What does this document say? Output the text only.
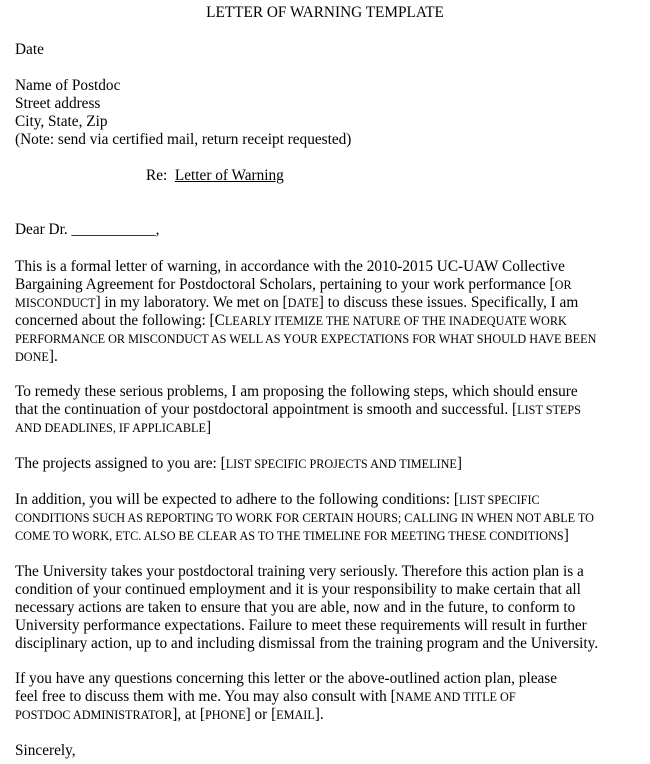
LETTER OF WARNING TEMPLATE
Date
Name of Postdoc
Street address
City, State, Zip
(Note: send via certified mail, return receipt requested)
Re: Letter of Warning
Dear Dr. ___________,
This is a formal letter of warning, in accordance with the 2010-2015 UC-UAW Collective
Bargaining Agreement for Postdoctoral Scholars, pertaining to your work performance [OR
MISCONDUCT] in my laboratory. We met on [DATE] to discuss these issues. Specifically, I am
concerned about the following: [CLEARLY ITEMIZE THE NATURE OF THE INADEQUATE WORK
PERFORMANCE OR MISCONDUCT AS WELL AS YOUR EXPECTATIONS FOR WHAT SHOULD HAVE BEEN
DONE].
To remedy these serious problems, I am proposing the following steps, which should ensure
that the continuation of your postdoctoral appointment is smooth and successful. [LIST STEPS
AND DEADLINES, IF APPLICABLE]
The projects assigned to you are: [LIST SPECIFIC PROJECTS AND TIMELINE]
In addition, you will be expected to adhere to the following conditions: [LIST SPECIFIC
CONDITIONS SUCH AS REPORTING TO WORK FOR CERTAIN HOURS; CALLING IN WHEN NOT ABLE TO
COME TO WORK, ETC. ALSO BE CLEAR AS TO THE TIMELINE FOR MEETING THESE CONDITIONS]
The University takes your postdoctoral training very seriously. Therefore this action plan is a
condition of your continued employment and it is your responsibility to make certain that all
necessary actions are taken to ensure that you are able, now and in the future, to conform to
University performance expectations. Failure to meet these requirements will result in further
disciplinary action, up to and including dismissal from the training program and the University.
If you have any questions concerning this letter or the above-outlined action plan, please
feel free to discuss them with me. You may also consult with [NAME AND TITLE OF
POSTDOC ADMINISTRATOR], at [PHONE] or [EMAIL].
Sincerely,
